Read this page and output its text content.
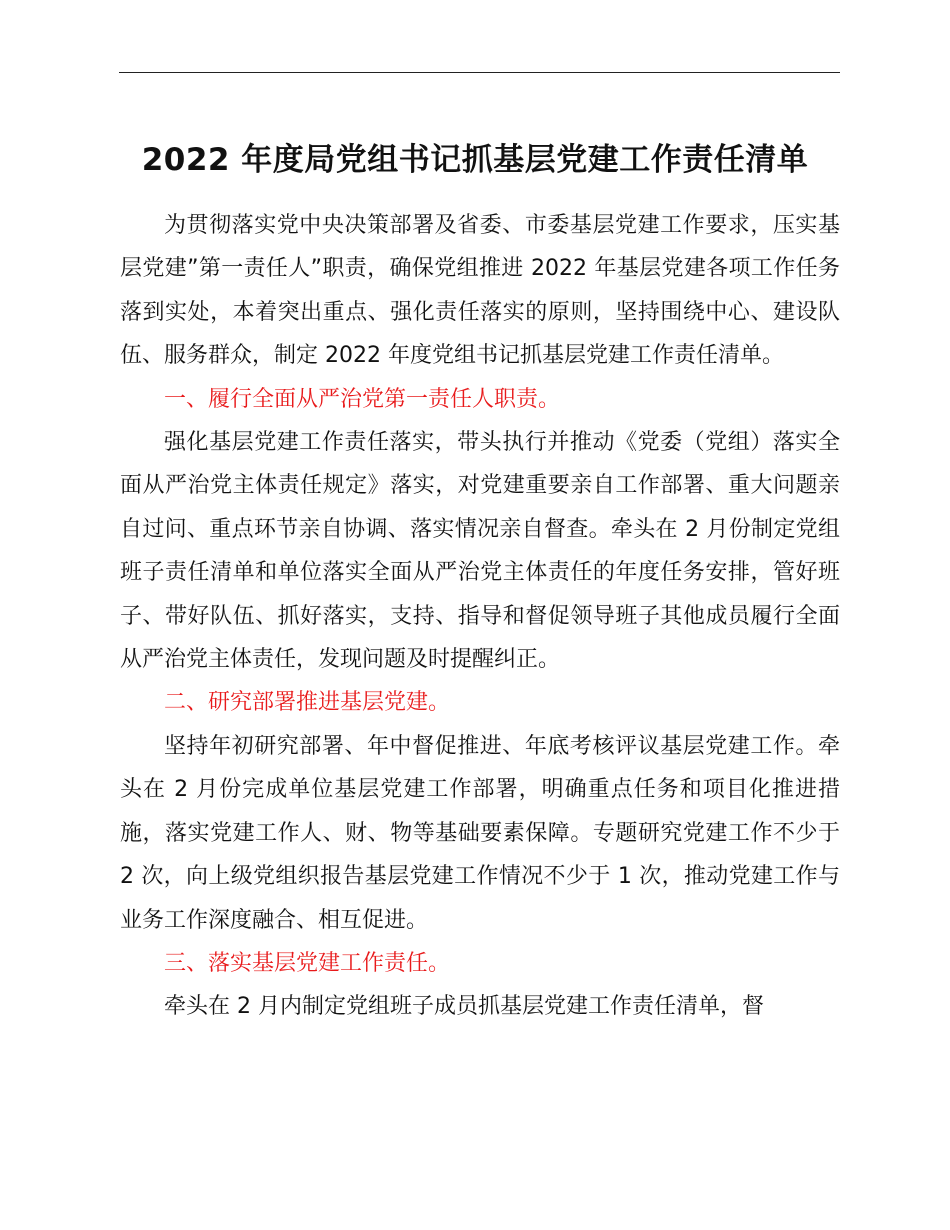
2022 年度局党组书记抓基层党建工作责任清单

为贯彻落实党中央决策部署及省委、市委基层党建工作要求，压实基层党建”第一责任人”职责，确保党组推进 2022 年基层党建各项工作任务落到实处，本着突出重点、强化责任落实的原则，坚持围绕中心、建设队伍、服务群众，制定 2022 年度党组书记抓基层党建工作责任清单。

一、履行全面从严治党第一责任人职责。

强化基层党建工作责任落实，带头执行并推动《党委（党组）落实全面从严治党主体责任规定》落实，对党建重要亲自工作部署、重大问题亲自过问、重点环节亲自协调、落实情况亲自督查。牵头在 2 月份制定党组班子责任清单和单位落实全面从严治党主体责任的年度任务安排，管好班子、带好队伍、抓好落实，支持、指导和督促领导班子其他成员履行全面从严治党主体责任，发现问题及时提醒纠正。

二、研究部署推进基层党建。

坚持年初研究部署、年中督促推进、年底考核评议基层党建工作。牵头在 2 月份完成单位基层党建工作部署，明确重点任务和项目化推进措施，落实党建工作人、财、物等基础要素保障。专题研究党建工作不少于 2 次，向上级党组织报告基层党建工作情况不少于 1 次，推动党建工作与业务工作深度融合、相互促进。

三、落实基层党建工作责任。

牵头在 2 月内制定党组班子成员抓基层党建工作责任清单，督
